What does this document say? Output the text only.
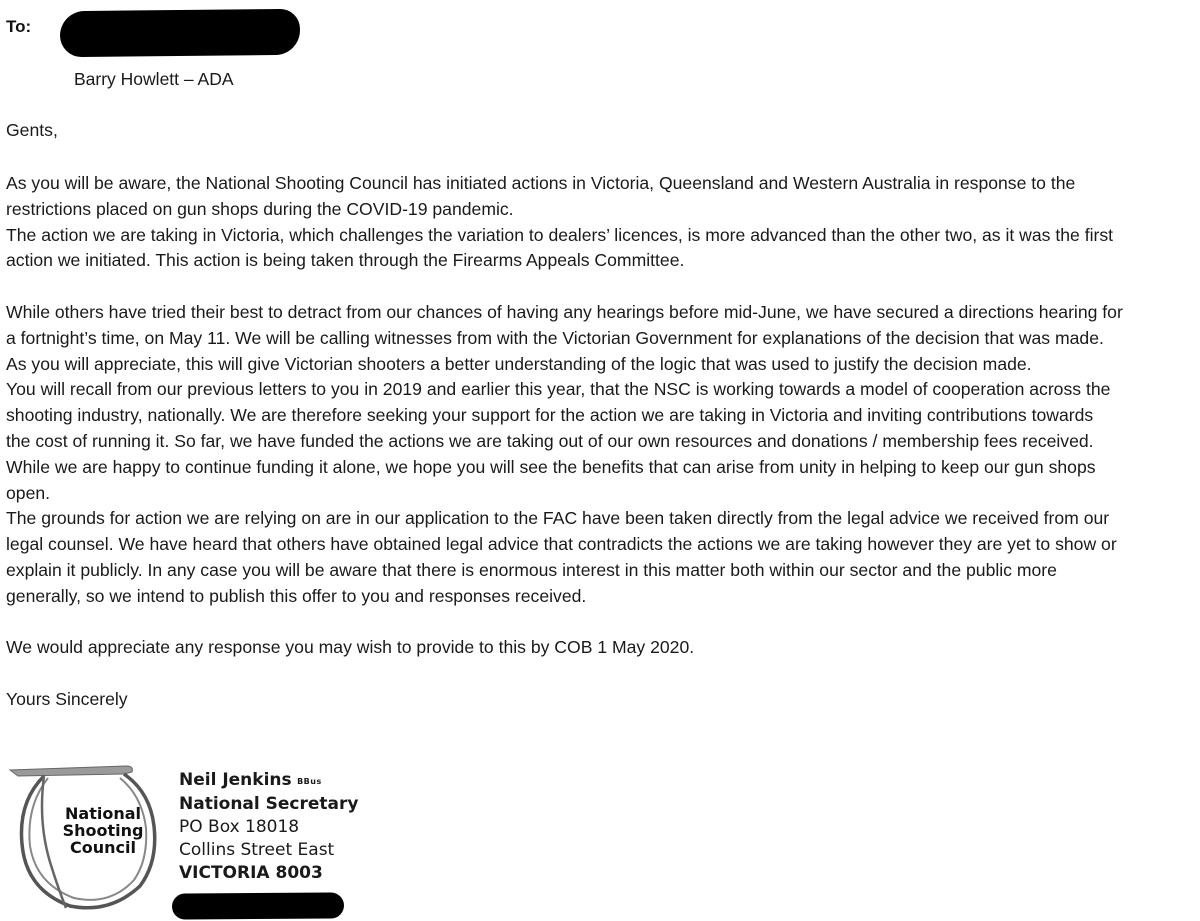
To:
Barry Howlett – ADA

Gents,

As you will be aware, the National Shooting Council has initiated actions in Victoria, Queensland and Western Australia in response to the
restrictions placed on gun shops during the COVID-19 pandemic.
The action we are taking in Victoria, which challenges the variation to dealers’ licences, is more advanced than the other two, as it was the first
action we initiated. This action is being taken through the Firearms Appeals Committee.

While others have tried their best to detract from our chances of having any hearings before mid-June, we have secured a directions hearing for
a fortnight’s time, on May 11. We will be calling witnesses from with the Victorian Government for explanations of the decision that was made.
As you will appreciate, this will give Victorian shooters a better understanding of the logic that was used to justify the decision made.
You will recall from our previous letters to you in 2019 and earlier this year, that the NSC is working towards a model of cooperation across the
shooting industry, nationally. We are therefore seeking your support for the action we are taking in Victoria and inviting contributions towards
the cost of running it. So far, we have funded the actions we are taking out of our own resources and donations / membership fees received.
While we are happy to continue funding it alone, we hope you will see the benefits that can arise from unity in helping to keep our gun shops
open.
The grounds for action we are relying on are in our application to the FAC have been taken directly from the legal advice we received from our
legal counsel. We have heard that others have obtained legal advice that contradicts the actions we are taking however they are yet to show or
explain it publicly. In any case you will be aware that there is enormous interest in this matter both within our sector and the public more
generally, so we intend to publish this offer to you and responses received.

We would appreciate any response you may wish to provide to this by COB 1 May 2020.

Yours Sincerely

National
Shooting
Council
Neil Jenkins BBus
National Secretary
PO Box 18018
Collins Street East
VICTORIA 8003
